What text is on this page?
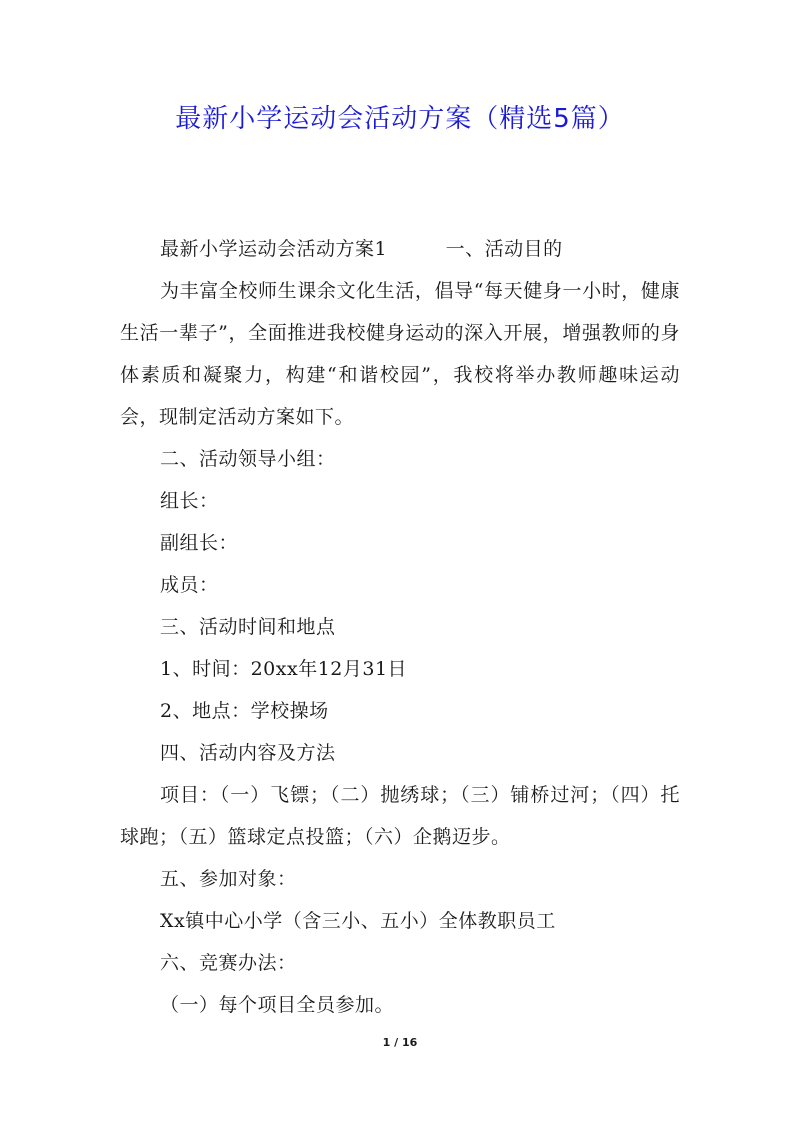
最新小学运动会活动方案（精选5篇）

最新小学运动会活动方案1　　　一、活动目的

为丰富全校师生课余文化生活，倡导“每天健身一小时，健康生活一辈子”，全面推进我校健身运动的深入开展，增强教师的身体素质和凝聚力，构建“和谐校园”，我校将举办教师趣味运动会，现制定活动方案如下。

二、活动领导小组：

组长：

副组长：

成员：

三、活动时间和地点

1、时间：20xx年12月31日

2、地点：学校操场

四、活动内容及方法

项目：（一）飞镖；（二）抛绣球；（三）铺桥过河；（四）托球跑；（五）篮球定点投篮；（六）企鹅迈步。

五、参加对象：

Xx镇中心小学（含三小、五小）全体教职员工

六、竞赛办法：

（一）每个项目全员参加。

1 / 16
